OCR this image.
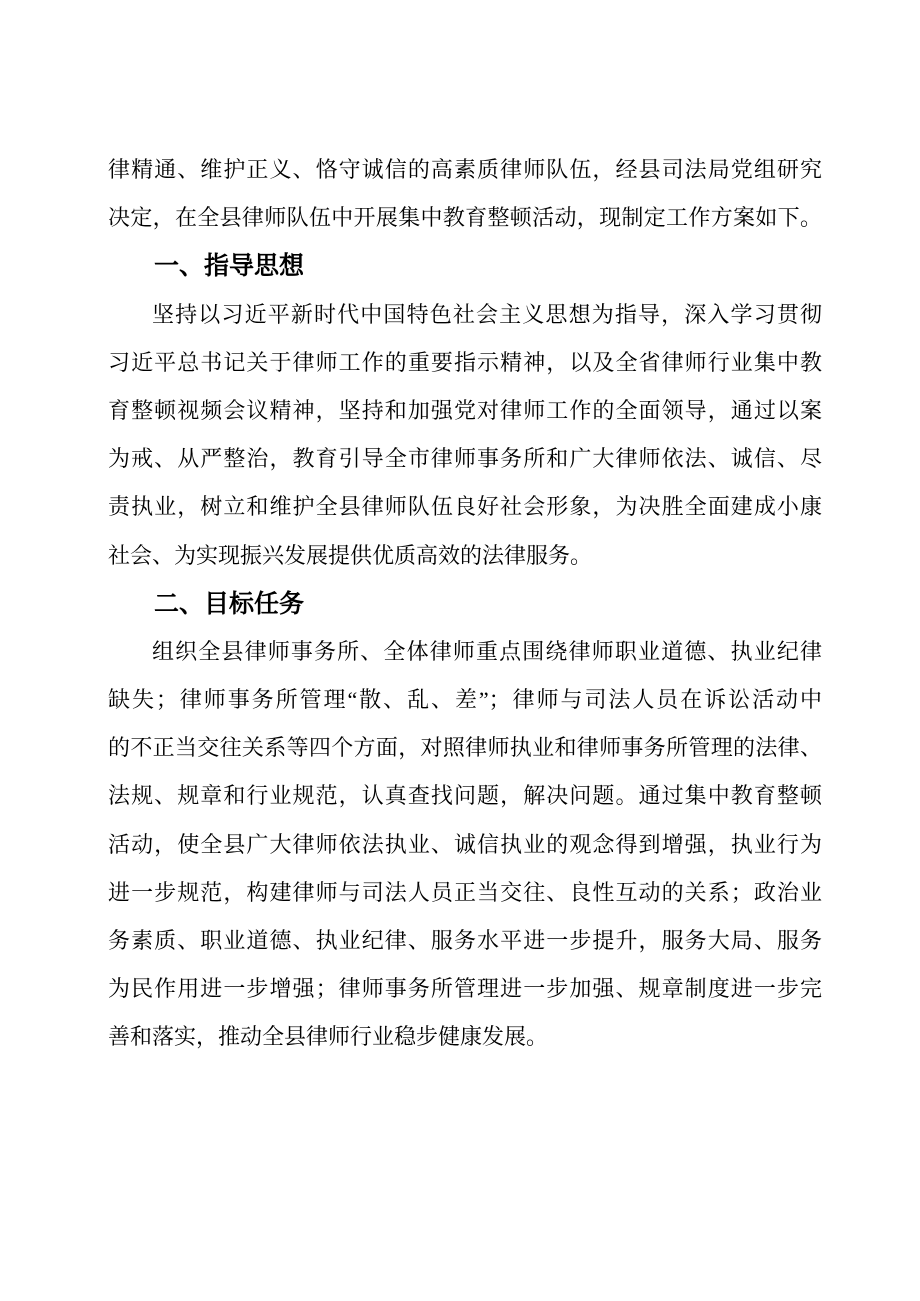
律精通、维护正义、恪守诚信的高素质律师队伍，经县司法局党组研究
决定，在全县律师队伍中开展集中教育整顿活动，现制定工作方案如下。
一、指导思想
坚持以习近平新时代中国特色社会主义思想为指导，深入学习贯彻
习近平总书记关于律师工作的重要指示精神，以及全省律师行业集中教
育整顿视频会议精神，坚持和加强党对律师工作的全面领导，通过以案
为戒、从严整治，教育引导全市律师事务所和广大律师依法、诚信、尽
责执业，树立和维护全县律师队伍良好社会形象，为决胜全面建成小康
社会、为实现振兴发展提供优质高效的法律服务。
二、目标任务
组织全县律师事务所、全体律师重点围绕律师职业道德、执业纪律
缺失；律师事务所管理“散、乱、差”；律师与司法人员在诉讼活动中
的不正当交往关系等四个方面，对照律师执业和律师事务所管理的法律、
法规、规章和行业规范，认真查找问题，解决问题。通过集中教育整顿
活动，使全县广大律师依法执业、诚信执业的观念得到增强，执业行为
进一步规范，构建律师与司法人员正当交往、良性互动的关系；政治业
务素质、职业道德、执业纪律、服务水平进一步提升，服务大局、服务
为民作用进一步增强；律师事务所管理进一步加强、规章制度进一步完
善和落实，推动全县律师行业稳步健康发展。
